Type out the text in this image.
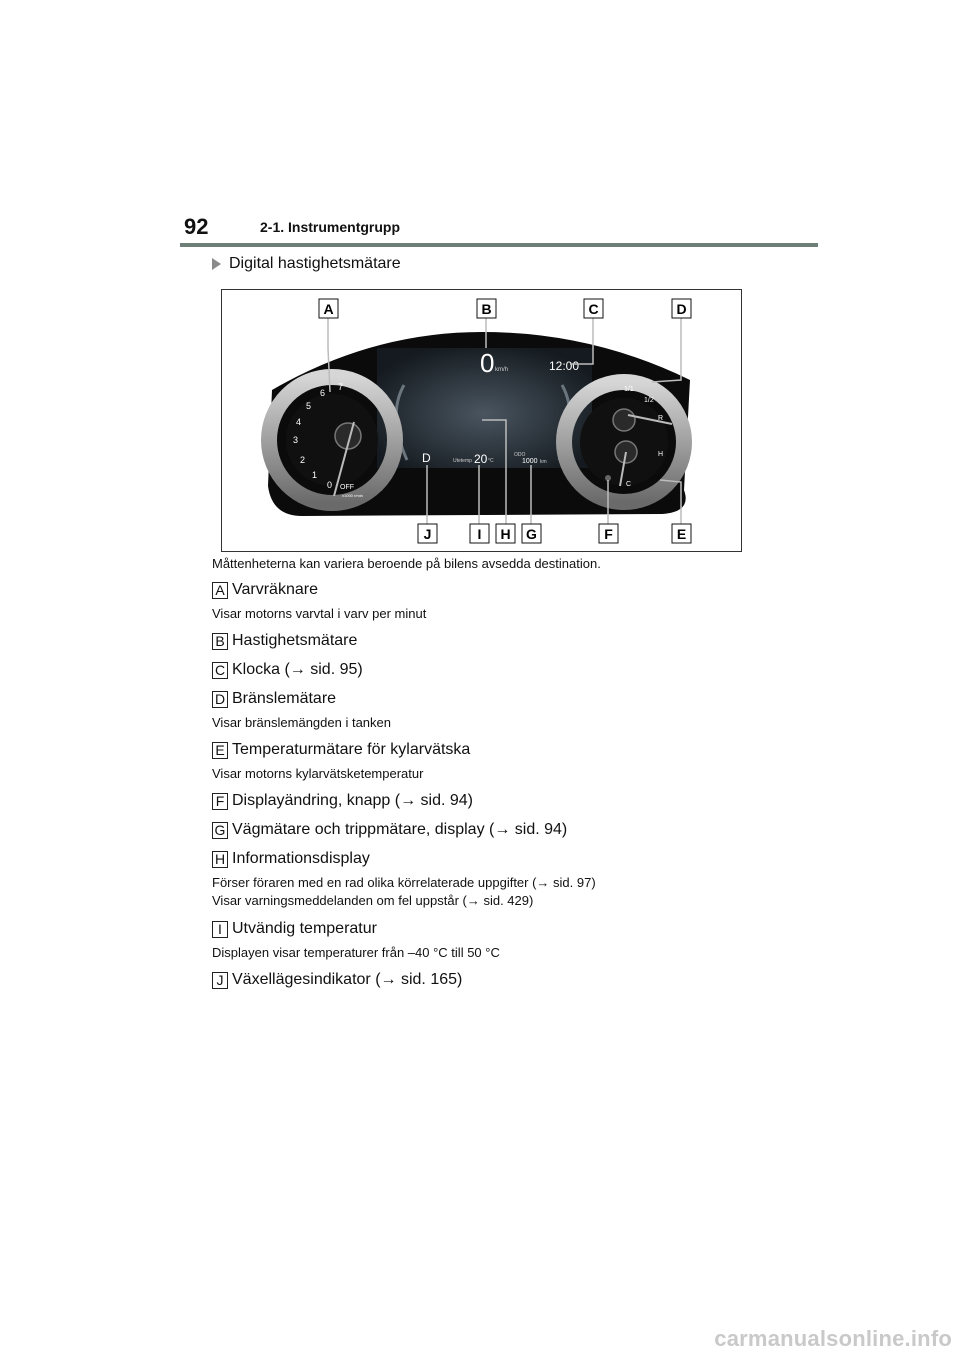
92	2-1. Instrumentgrupp
Digital hastighetsmätare
0 km/h	12:00
D	Utetemp 20 °C
ODO
1000 km
0
1
2
3
4
5
6
7
OFF
x1000 r/min
1/1
1/2
R
H
C
A	B	C	D
J	I H G	F	E
Måttenheterna kan variera beroende på bilens avsedda destination.
A Varvräknare
Visar motorns varvtal i varv per minut
B Hastighetsmätare
C Klocka (→ sid. 95)
D Bränslemätare
Visar bränslemängden i tanken
E Temperaturmätare för kylarvätska
Visar motorns kylarvätsketemperatur
F Displayändring, knapp (→ sid. 94)
G Vägmätare och trippmätare, display (→ sid. 94)
H Informationsdisplay
Förser föraren med en rad olika körrelaterade uppgifter (→ sid. 97)
Visar varningsmeddelanden om fel uppstår (→ sid. 429)
I Utvändig temperatur
Displayen visar temperaturer från –40 °C till 50 °C
J Växellägesindikator (→ sid. 165)
carmanualsonline.info
